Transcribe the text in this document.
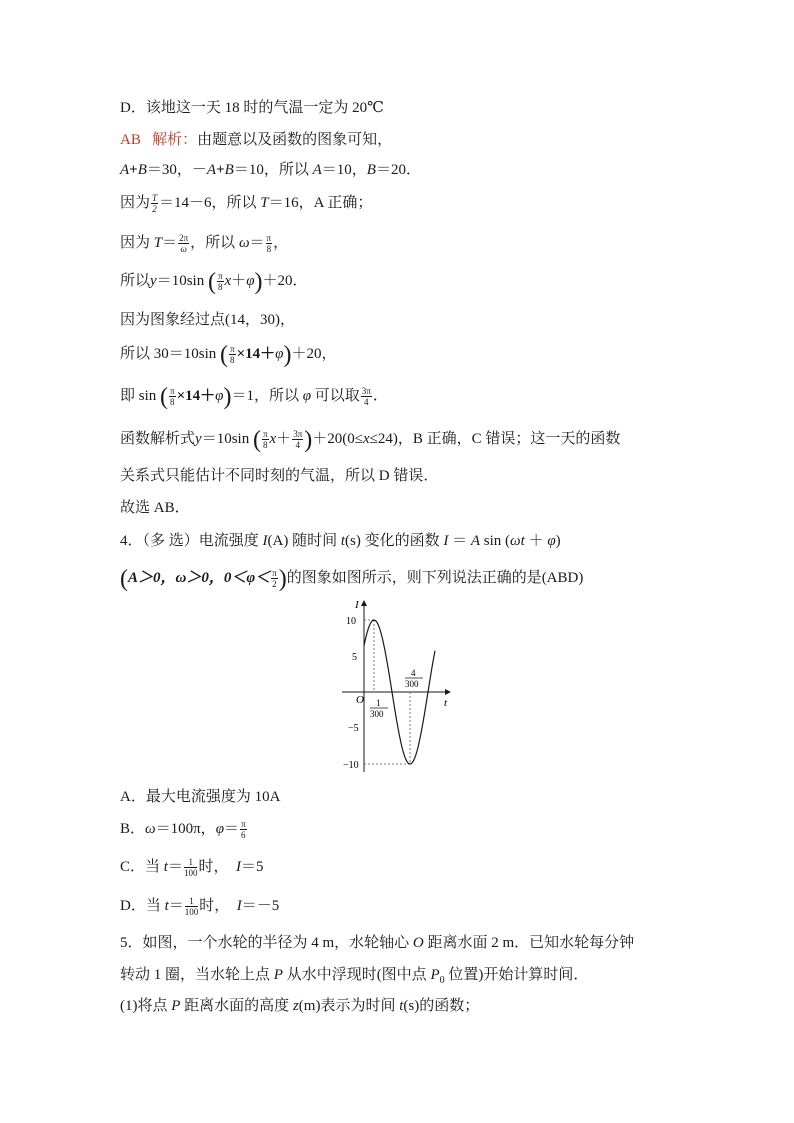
D．该地这一天 18 时的气温一定为 20℃
AB 解析：由题意以及函数的图象可知，
A+B＝30，－A+B＝10，所以 A＝10，B＝20．
因为 $\frac{T}{2} =14-6$，所以 T＝16，A 正确；
因为 $T= \frac{2\pi}{\omega}$ ，所以 $\omega= \frac{\pi}{8}$ ，
所以y＝10sin ( $\frac{\pi}{8} x+\varphi)+20$．
因为图象经过点(14，30)，
所以 30＝10sin ( $\frac{\pi}{8} \times 14+\varphi)+20$，
即 sin ( $\frac{\pi}{8} \times 14+\varphi)=1$，所以 φ 可以取 $\frac{3\pi}{4}$ ．
函数解析式y＝10sin ( $\frac{\pi}{8} x+ \frac{3\pi}{4} )+20(0\le x\le 24)$，B 正确，C 错误；这一天的函数
关系式只能估计不同时刻的气温，所以 D 错误．
故选 AB．
4．（多 选）电流强度 I(A) 随时间 t(s) 变化的函数 I ＝ A sin (ωt ＋ φ)
(A＞0，ω＞0，$0<\varphi< \frac{\pi}{2}$ )的图象如图所示，则下列说法正确的是(ABD)
I
t
O
10
5
−5
−10
1
300
4
300
A．最大电流强度为 10A
B．ω＝100π，$\varphi= \frac{\pi}{6}$
C．当 $t= \frac{1}{100}$ 时， I＝5
D．当 $t= \frac{1}{100}$ 时， I＝－5
5．如图，一个水轮的半径为 4 m，水轮轴心 O 距离水面 2 m．已知水轮每分钟
转动 1 圈，当水轮上点 P 从水中浮现时(图中点 $P_0$ 位置)开始计算时间．
(1)将点 P 距离水面的高度 z(m)表示为时间 t(s)的函数；
